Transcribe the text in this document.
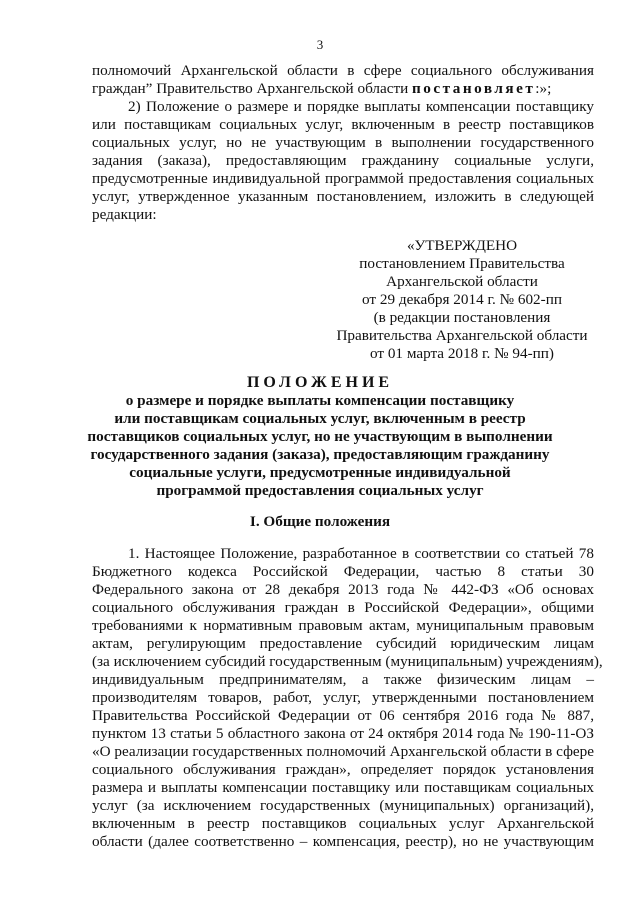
3
полномочий Архангельской области в сфере социального обслуживания
граждан” Правительство Архангельской области постановляет:»;
2) Положение о размере и порядке выплаты компенсации поставщику
или поставщикам социальных услуг, включенным в реестр поставщиков
социальных услуг, но не участвующим в выполнении государственного
задания (заказа), предоставляющим гражданину социальные услуги,
предусмотренные индивидуальной программой предоставления социальных
услуг, утвержденное указанным постановлением, изложить в следующей
редакции:
«УТВЕРЖДЕНО
постановлением Правительства
Архангельской области
от 29 декабря 2014 г. № 602-пп
(в редакции постановления
Правительства Архангельской области
от 01 марта 2018 г. № 94-пп)
ПОЛОЖЕНИЕ
о размере и порядке выплаты компенсации поставщику
или поставщикам социальных услуг, включенным в реестр
поставщиков социальных услуг, но не участвующим в выполнении
государственного задания (заказа), предоставляющим гражданину
социальные услуги, предусмотренные индивидуальной
программой предоставления социальных услуг
I. Общие положения
1. Настоящее Положение, разработанное в соответствии со статьей 78
Бюджетного кодекса Российской Федерации, частью 8 статьи 30
Федерального закона от 28 декабря 2013 года № 442-ФЗ «Об основах
социального обслуживания граждан в Российской Федерации», общими
требованиями к нормативным правовым актам, муниципальным правовым
актам, регулирующим предоставление субсидий юридическим лицам
(за исключением субсидий государственным (муниципальным) учреждениям),
индивидуальным предпринимателям, а также физическим лицам –
производителям товаров, работ, услуг, утвержденными постановлением
Правительства Российской Федерации от 06 сентября 2016 года № 887,
пунктом 13 статьи 5 областного закона от 24 октября 2014 года № 190-11-ОЗ
«О реализации государственных полномочий Архангельской области в сфере
социального обслуживания граждан», определяет порядок установления
размера и выплаты компенсации поставщику или поставщикам социальных
услуг (за исключением государственных (муниципальных) организаций),
включенным в реестр поставщиков социальных услуг Архангельской
области (далее соответственно – компенсация, реестр), но не участвующим
